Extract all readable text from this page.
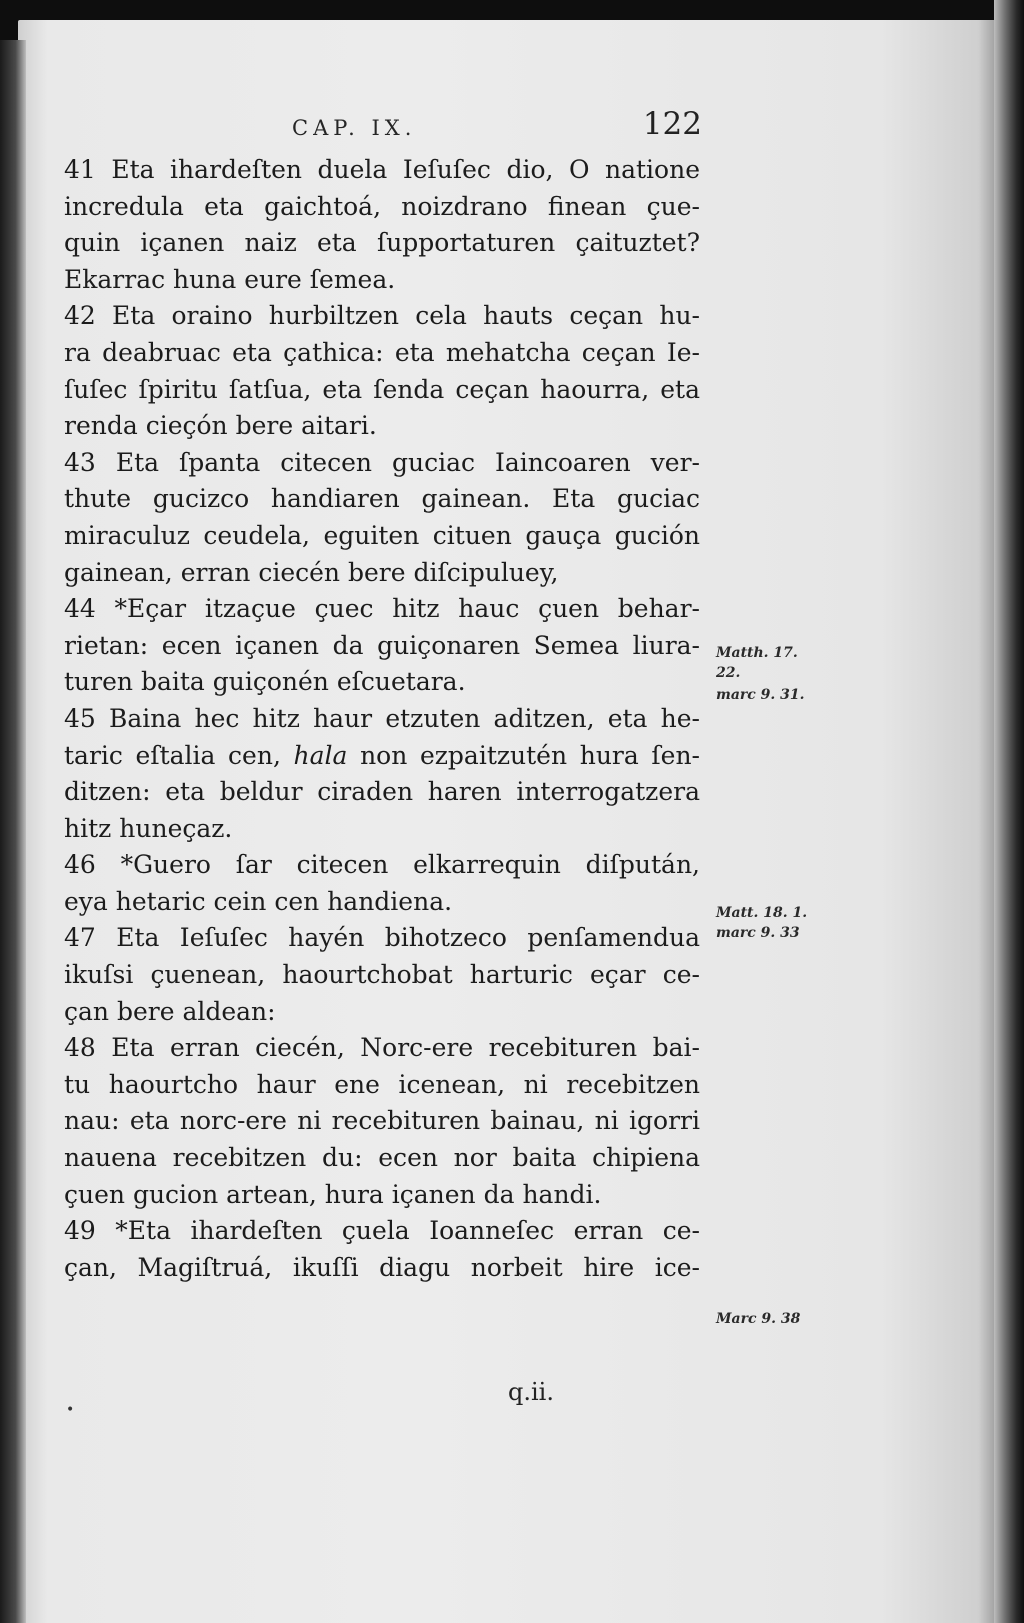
CAP. IX.	122

41 Eta ihardeſten duela Ieſuſec dio, O natione
incredula eta gaichtoá, noizdrano finean çue-
quin içanen naiz eta ſupportaturen çaituztet?
Ekarrac huna eure ſemea.

42 Eta oraino hurbiltzen cela hauts ceçan hu-
ra deabruac eta çathica: eta mehatcha ceçan Ie-
ſuſec ſpiritu ſatſua, eta ſenda ceçan haourra, eta
renda cieçón bere aitari.

43 Eta ſpanta citecen guciac Iaincoaren ver-
thute gucizco handiaren gainean. Eta guciac
miraculuz ceudela, eguiten cituen gauça gución
gainean, erran ciecén bere diſcipuluey,

44 *Eçar itzaçue çuec hitz hauc çuen behar-
rietan: ecen içanen da guiçonaren Semea liura-
turen baita guiçonén eſcuetara.

45 Baina hec hitz haur etzuten aditzen, eta he-
taric eſtalia cen, hala non ezpaitzutén hura ſen-
ditzen: eta beldur ciraden haren interrogatzera
hitz huneçaz.

46 *Guero ſar citecen elkarrequin diſpután,
eya hetaric cein cen handiena.

47 Eta Ieſuſec hayén bihotzeco penſamendua
ikuſsi çuenean, haourtchobat harturic eçar ce-
çan bere aldean:

48 Eta erran ciecén, Norc-ere recebituren bai-
tu haourtcho haur ene icenean, ni recebitzen
nau: eta norc-ere ni recebituren bainau, ni igorri
nauena recebitzen du: ecen nor baita chipiena
çuen gucion artean, hura içanen da handi.

49 *Eta ihardeſten çuela Ioanneſec erran ce-
çan, Magiſtruá, ikuſſi diagu norbeit hire ice-

Matth. 17.
22.
marc 9. 31.
Matt. 18. 1.
marc 9. 33
Marc 9. 38
q.ii.
•
